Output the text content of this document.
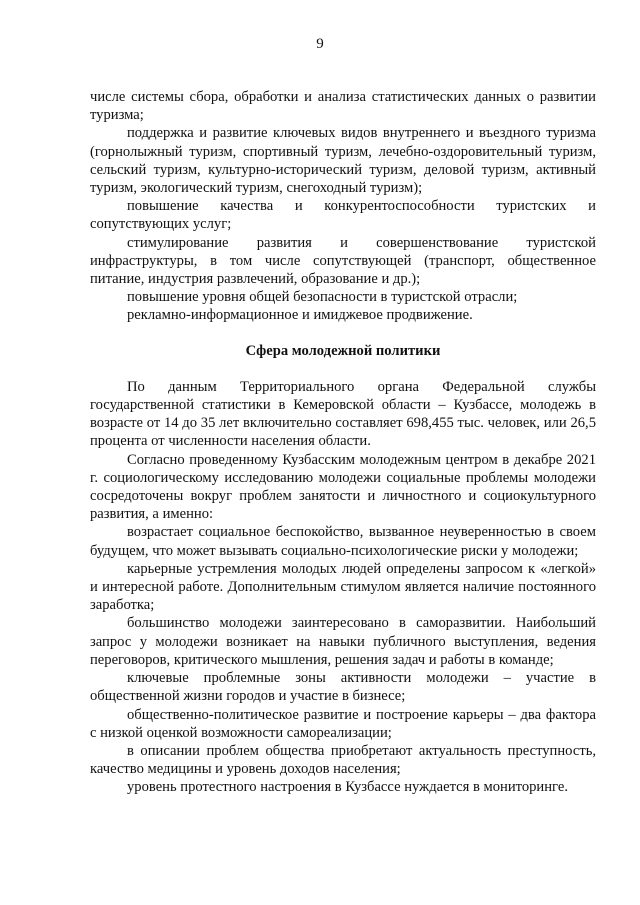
9

числе системы сбора, обработки и анализа статистических данных о развитии туризма;

поддержка и развитие ключевых видов внутреннего и въездного туризма (горнолыжный туризм, спортивный туризм, лечебно-оздоровительный туризм, сельский туризм, культурно-исторический туризм, деловой туризм, активный туризм, экологический туризм, снегоходный туризм);

повышение качества и конкурентоспособности туристских и сопутствующих услуг;

стимулирование развития и совершенствование туристской инфраструктуры, в том числе сопутствующей (транспорт, общественное питание, индустрия развлечений, образование и др.);

повышение уровня общей безопасности в туристской отрасли;

рекламно-информационное и имиджевое продвижение.

Сфера молодежной политики

По данным Территориального органа Федеральной службы государственной статистики в Кемеровской области – Кузбассе, молодежь в возрасте от 14 до 35 лет включительно составляет 698,455 тыс. человек, или 26,5 процента от численности населения области.

Согласно проведенному Кузбасским молодежным центром в декабре 2021 г. социологическому исследованию молодежи социальные проблемы молодежи сосредоточены вокруг проблем занятости и личностного и социокультурного развития, а именно:

возрастает социальное беспокойство, вызванное неуверенностью в своем будущем, что может вызывать социально-психологические риски у молодежи;

карьерные устремления молодых людей определены запросом к «легкой» и интересной работе. Дополнительным стимулом является наличие постоянного заработка;

большинство молодежи заинтересовано в саморазвитии. Наибольший запрос у молодежи возникает на навыки публичного выступления, ведения переговоров, критического мышления, решения задач и работы в команде;

ключевые проблемные зоны активности молодежи – участие в общественной жизни городов и участие в бизнесе;

общественно-политическое развитие и построение карьеры – два фактора с низкой оценкой возможности самореализации;

в описании проблем общества приобретают актуальность преступность, качество медицины и уровень доходов населения;

уровень протестного настроения в Кузбассе нуждается в мониторинге.
